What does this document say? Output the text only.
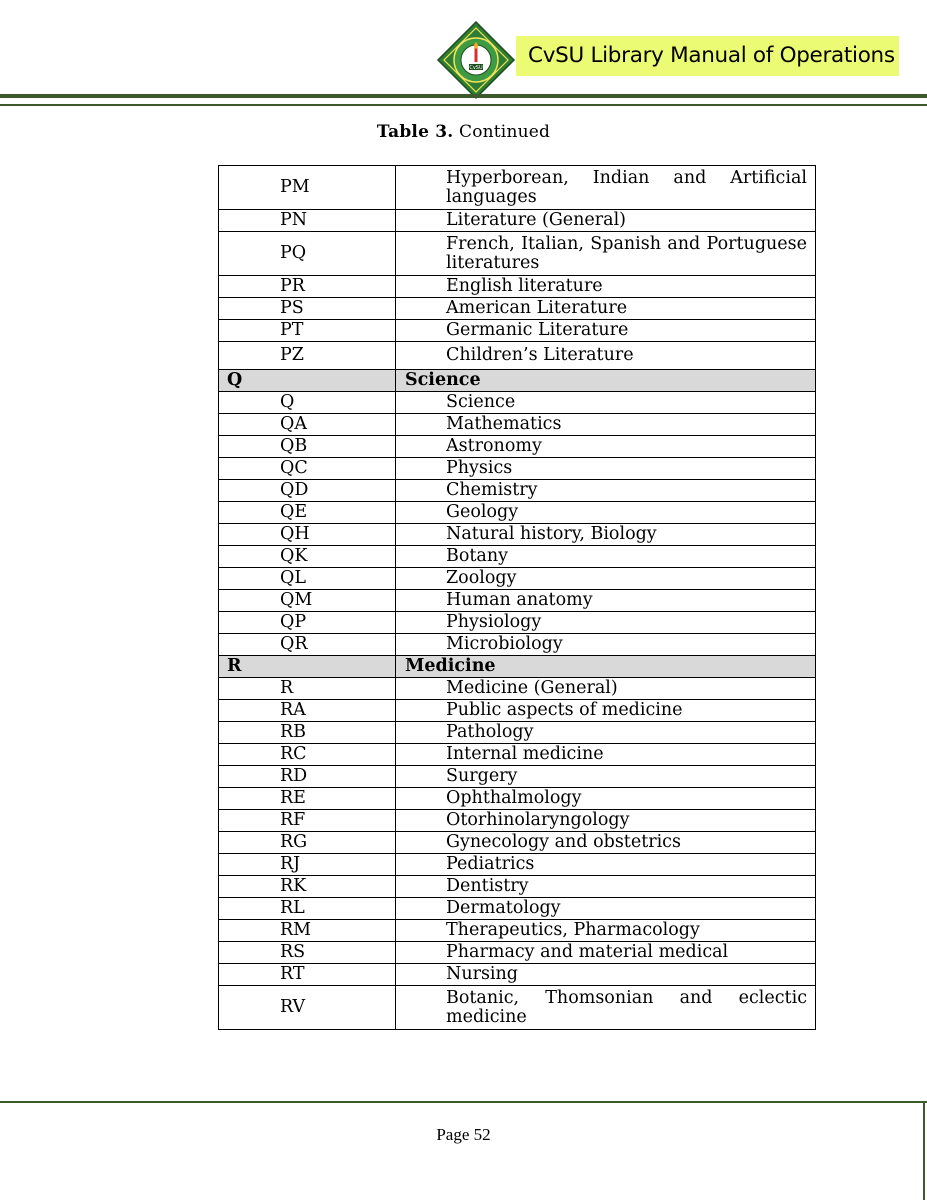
CvSU	CvSU Library Manual of Operations
Table 3. Continued
PM	Hyperborean, Indian and Artificial languages
PN	Literature (General)
PQ	French, Italian, Spanish and Portuguese literatures
PR	English literature
PS	American Literature
PT	Germanic Literature
PZ	Children’s Literature
Q	Science
Q	Science
QA	Mathematics
QB	Astronomy
QC	Physics
QD	Chemistry
QE	Geology
QH	Natural history, Biology
QK	Botany
QL	Zoology
QM	Human anatomy
QP	Physiology
QR	Microbiology
R	Medicine
R	Medicine (General)
RA	Public aspects of medicine
RB	Pathology
RC	Internal medicine
RD	Surgery
RE	Ophthalmology
RF	Otorhinolaryngology
RG	Gynecology and obstetrics
RJ	Pediatrics
RK	Dentistry
RL	Dermatology
RM	Therapeutics, Pharmacology
RS	Pharmacy and material medical
RT	Nursing
RV	Botanic, Thomsonian and eclectic medicine
Page 52
